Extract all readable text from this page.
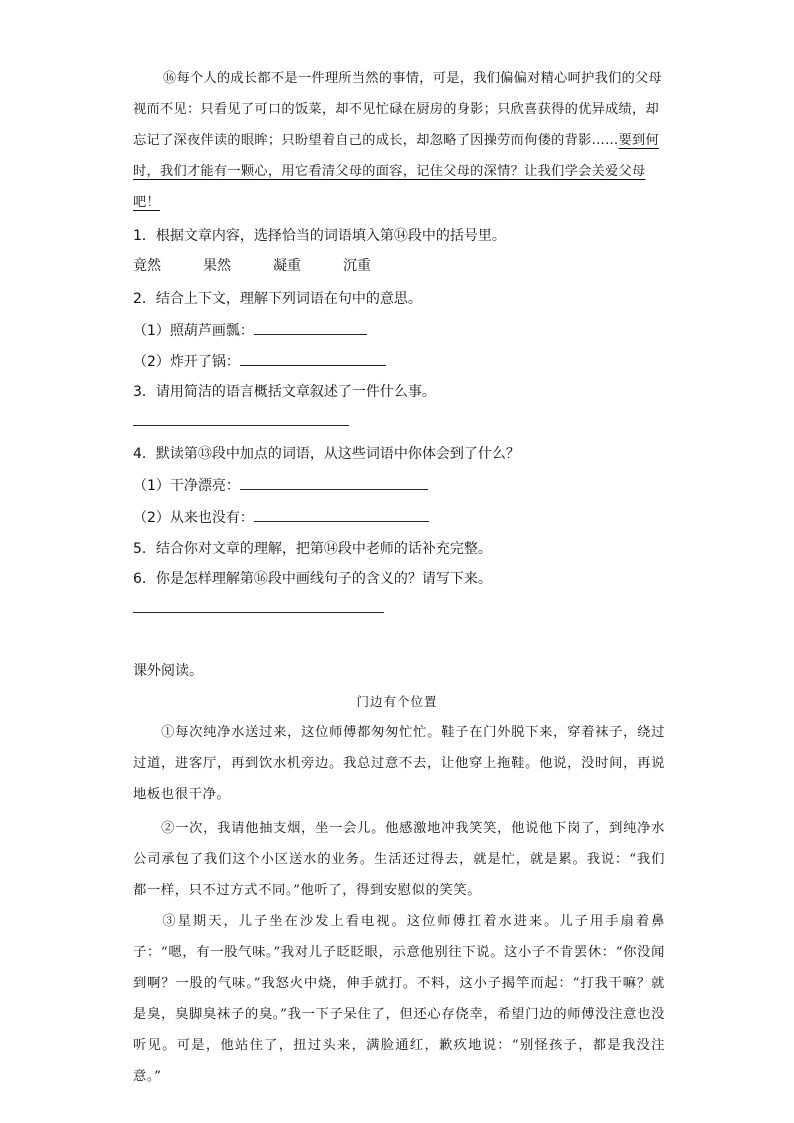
⑯每个人的成长都不是一件理所当然的事情，可是，我们偏偏对精心呵护我们的父母视而不见：只看见了可口的饭菜，却不见忙碌在厨房的身影；只欣喜获得的优异成绩，却忘记了深夜伴读的眼眸；只盼望着自己的成长，却忽略了因操劳而佝偻的背影……要到何时，我们才能有一颗心，用它看清父母的面容，记住父母的深情？让我们学会关爱父母吧！
1．根据文章内容，选择恰当的词语填入第⑭段中的括号里。
竟然	果然	凝重	沉重
2．结合上下文，理解下列词语在句中的意思。
（1）照葫芦画瓢：
（2）炸开了锅：
3．请用简洁的语言概括文章叙述了一件什么事。
4．默读第⑬段中加点的词语，从这些词语中你体会到了什么？
（1）干净漂亮：
（2）从来也没有：
5．结合你对文章的理解，把第⑭段中老师的话补充完整。
6．你是怎样理解第⑯段中画线句子的含义的？请写下来。
课外阅读。
门边有个位置
①每次纯净水送过来，这位师傅都匆匆忙忙。鞋子在门外脱下来，穿着袜子，绕过过道，进客厅，再到饮水机旁边。我总过意不去，让他穿上拖鞋。他说，没时间，再说地板也很干净。
②一次，我请他抽支烟，坐一会儿。他感激地冲我笑笑，他说他下岗了，到纯净水公司承包了我们这个小区送水的业务。生活还过得去，就是忙，就是累。我说：“我们都一样，只不过方式不同。”他听了，得到安慰似的笑笑。
③星期天，儿子坐在沙发上看电视。这位师傅扛着水进来。儿子用手扇着鼻子：“嗯，有一股气味。”我对儿子眨眨眼，示意他别往下说。这小子不肯罢休：“你没闻到啊？一股的气味。”我怒火中烧，伸手就打。不料，这小子揭竿而起：“打我干嘛？就是臭，臭脚臭袜子的臭。”我一下子呆住了，但还心存侥幸，希望门边的师傅没注意也没听见。可是，他站住了，扭过头来，满脸通红，歉疚地说：“别怪孩子，都是我没注意。”
